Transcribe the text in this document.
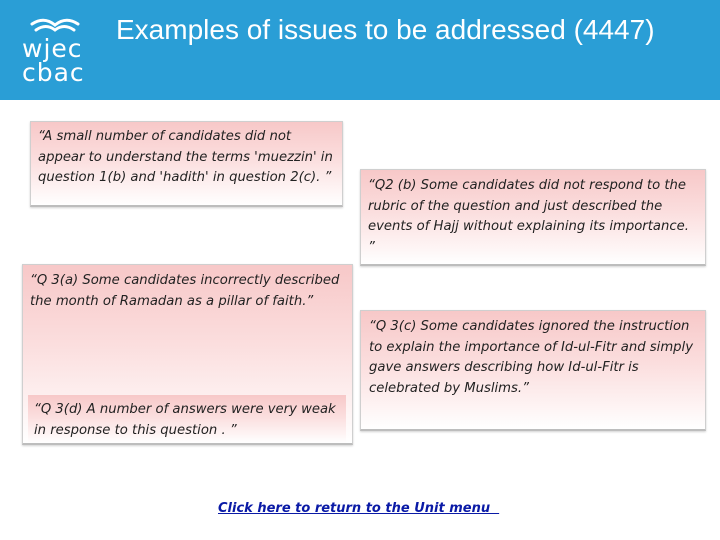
wjec
cbac
Examples of issues to be addressed (4447)

“A small number of candidates did not appear to understand the terms 'muezzin' in question 1(b) and 'hadith' in question 2(c). ”

“Q2 (b) Some candidates did not respond to the rubric of the question and just described the events of Hajj without explaining its importance. ”

“Q 3(a) Some candidates incorrectly described the month of Ramadan as a pillar of faith.”

“Q 3(c) Some candidates ignored the instruction to explain the importance of Id-ul-Fitr and simply gave answers describing how Id-ul-Fitr is celebrated by Muslims.”

“Q 3(d) A number of answers were very weak in response to this question . ”

Click here to return to the Unit menu
